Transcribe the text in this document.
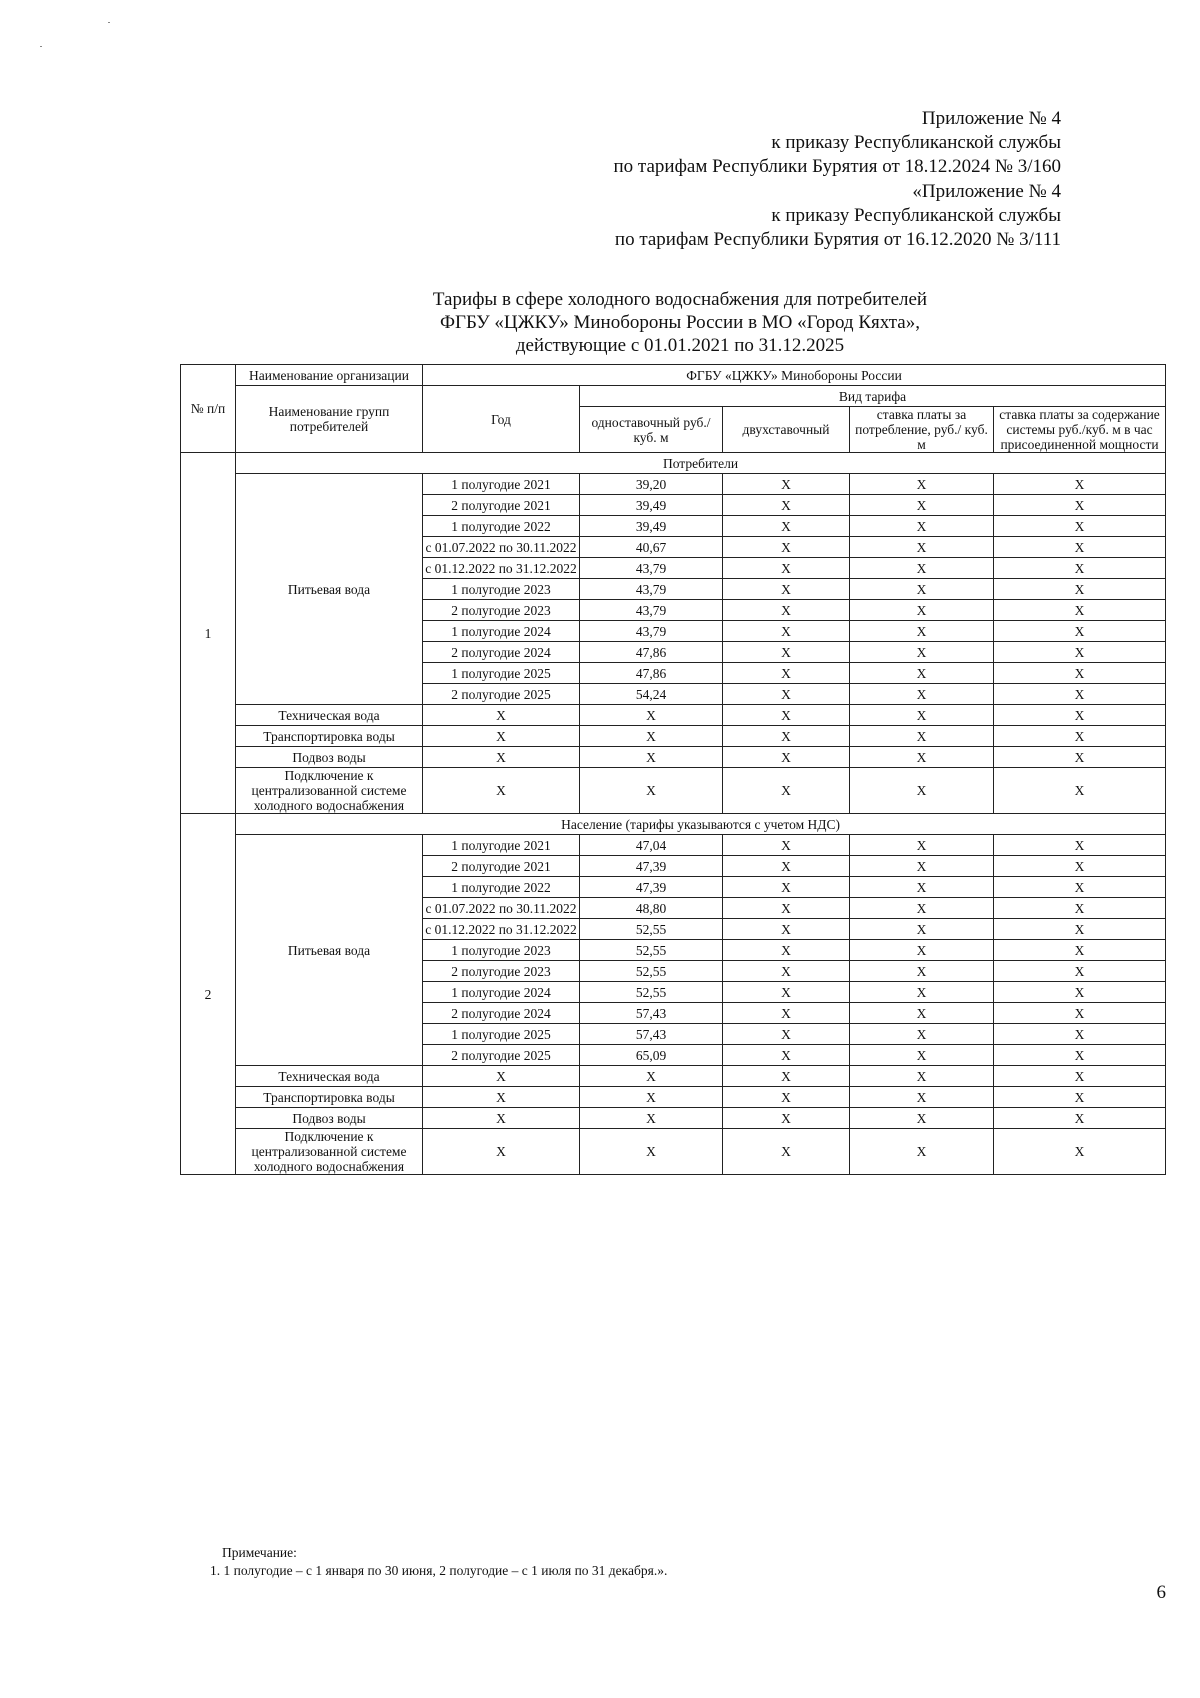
Приложение № 4
к приказу Республиканской службы
по тарифам Республики Бурятия от 18.12.2024 № 3/160
«Приложение № 4
к приказу Республиканской службы
по тарифам Республики Бурятия от 16.12.2020 № 3/111
Тарифы в сфере холодного водоснабжения для потребителей
ФГБУ «ЦЖКУ» Минобороны России в МО «Город Кяхта»,
действующие с 01.01.2021 по 31.12.2025
№ п/п	Наименование организации	ФГБУ «ЦЖКУ» Минобороны России				
	Наименование групп потребителей	Год	Вид тарифа			
			одноставочный руб./ куб. м	двухставочный	ставка платы за потребление, руб./ куб. м	ставка платы за содержание системы руб./куб. м в час присоединенной мощности
1	Потребители					
	Питьевая вода	1 полугодие 2021	39,20	X	X	X
		2 полугодие 2021	39,49	X	X	X
		1 полугодие 2022	39,49	X	X	X
		с 01.07.2022 по 30.11.2022	40,67	X	X	X
		с 01.12.2022 по 31.12.2022	43,79	X	X	X
		1 полугодие 2023	43,79	X	X	X
		2 полугодие 2023	43,79	X	X	X
		1 полугодие 2024	43,79	X	X	X
		2 полугодие 2024	47,86	X	X	X
		1 полугодие 2025	47,86	X	X	X
		2 полугодие 2025	54,24	X	X	X
	Техническая вода	X	X	X	X	X
	Транспортировка воды	X	X	X	X	X
	Подвоз воды	X	X	X	X	X
	Подключение к централизованной системе холодного водоснабжения	X	X	X	X	X
2	Население (тарифы указываются с учетом НДС)					
	Питьевая вода	1 полугодие 2021	47,04	X	X	X
		2 полугодие 2021	47,39	X	X	X
		1 полугодие 2022	47,39	X	X	X
		с 01.07.2022 по 30.11.2022	48,80	X	X	X
		с 01.12.2022 по 31.12.2022	52,55	X	X	X
		1 полугодие 2023	52,55	X	X	X
		2 полугодие 2023	52,55	X	X	X
		1 полугодие 2024	52,55	X	X	X
		2 полугодие 2024	57,43	X	X	X
		1 полугодие 2025	57,43	X	X	X
		2 полугодие 2025	65,09	X	X	X
	Техническая вода	X	X	X	X	X
	Транспортировка воды	X	X	X	X	X
	Подвоз воды	X	X	X	X	X
	Подключение к централизованной системе холодного водоснабжения	X	X	X	X	X
Примечание:
1. 1 полугодие – с 1 января по 30 июня, 2 полугодие – с 1 июля по 31 декабря.».
6
